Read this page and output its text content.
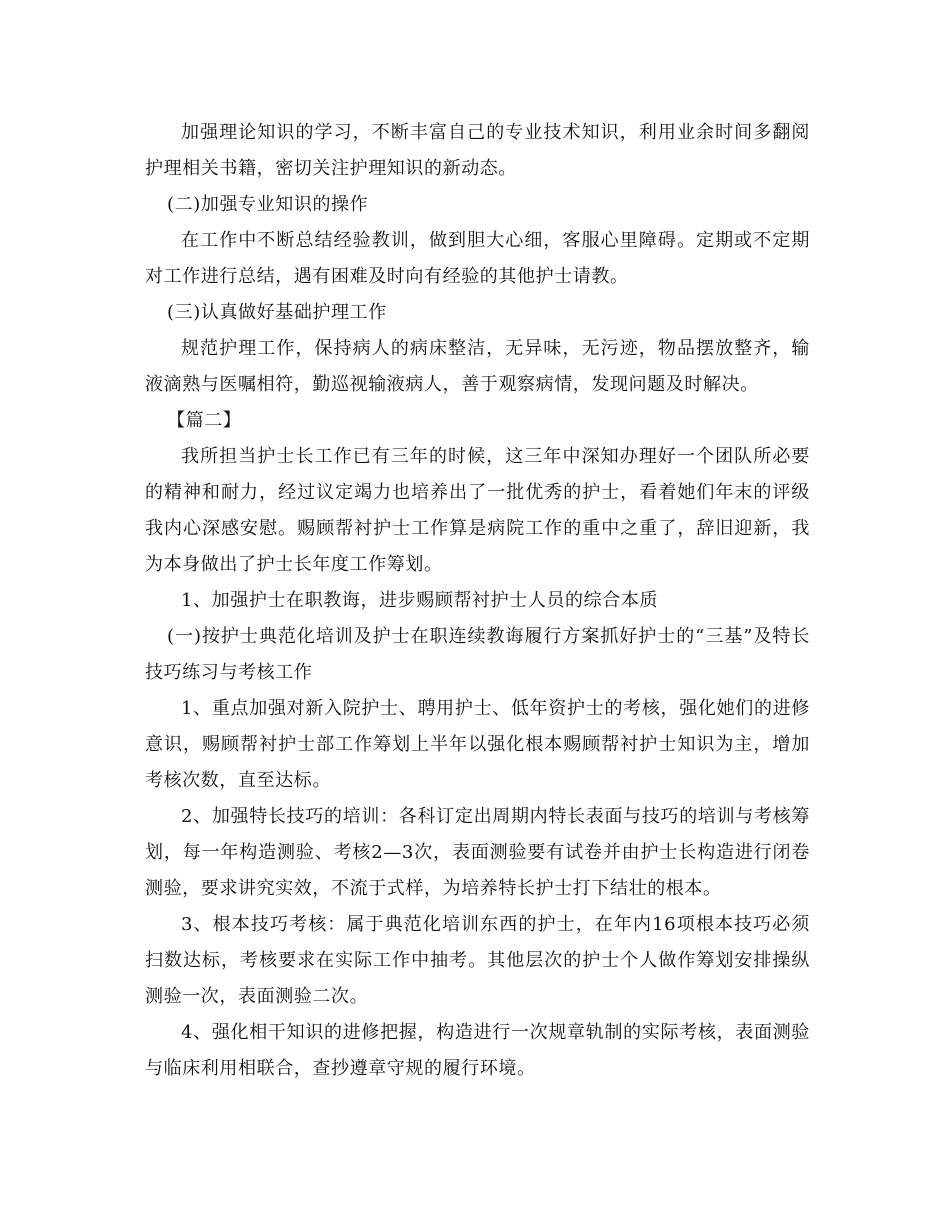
加强理论知识的学习，不断丰富自己的专业技术知识，利用业余时间多翻阅护理相关书籍，密切关注护理知识的新动态。

(二)加强专业知识的操作

在工作中不断总结经验教训，做到胆大心细，客服心里障碍。定期或不定期对工作进行总结，遇有困难及时向有经验的其他护士请教。

(三)认真做好基础护理工作

规范护理工作，保持病人的病床整洁，无异味，无污迹，物品摆放整齐，输液滴熟与医嘱相符，勤巡视输液病人，善于观察病情，发现问题及时解决。

【篇二】

我所担当护士长工作已有三年的时候，这三年中深知办理好一个团队所必要的精神和耐力，经过议定竭力也培养出了一批优秀的护士，看着她们年末的评级我内心深感安慰。赐顾帮衬护士工作算是病院工作的重中之重了，辞旧迎新，我为本身做出了护士长年度工作筹划。

1、加强护士在职教诲，进步赐顾帮衬护士人员的综合本质

(一)按护士典范化培训及护士在职连续教诲履行方案抓好护士的“三基”及特长技巧练习与考核工作

1、重点加强对新入院护士、聘用护士、低年资护士的考核，强化她们的进修意识，赐顾帮衬护士部工作筹划上半年以强化根本赐顾帮衬护士知识为主，增加考核次数，直至达标。

2、加强特长技巧的培训：各科订定出周期内特长表面与技巧的培训与考核筹划，每一年构造测验、考核2—3次，表面测验要有试卷并由护士长构造进行闭卷测验，要求讲究实效，不流于式样，为培养特长护士打下结壮的根本。

3、根本技巧考核：属于典范化培训东西的护士，在年内16项根本技巧必须扫数达标，考核要求在实际工作中抽考。其他层次的护士个人做作筹划安排操纵测验一次，表面测验二次。

4、强化相干知识的进修把握，构造进行一次规章轨制的实际考核，表面测验与临床利用相联合，查抄遵章守规的履行环境。
